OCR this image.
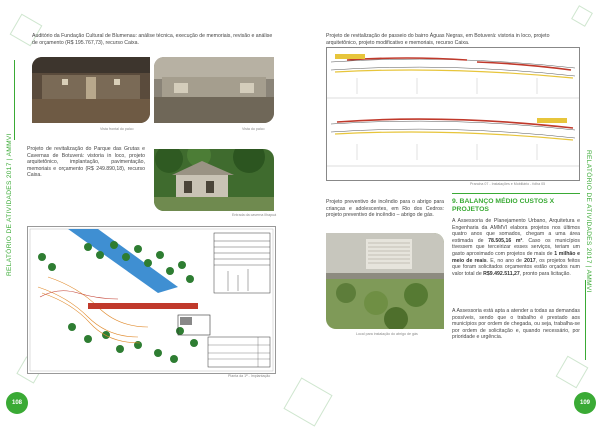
RELATÓRIO DE ATIVIDADES 2017 | AMMVI
Auditório da Fundação Cultural de Blumenau: análise técnica, execução de memoriais, revisão e análise de orçamento (R$ 195.767,73), recurso Caixa.
Vista frontal do palco	Vista do palco
Projeto de revitalização do Parque das Grutas e Cavernas de Botuverá: vistoria in loco, projeto arquitetônico, implantação, pavimentação, memoriais e orçamento (R$ 249.890,18), recurso Caixa.
Entrada da caverna Ilhapuá
Planta da 1ª - Implantação
108
RELATÓRIO DE ATIVIDADES 2017 | AMMVI
Projeto de revitalização de passeio do bairro Águas Negras, em Botuverá: vistoria in loco, projeto arquitetônico, projeto modificativo e memoriais, recurso Caixa.
Prancha 07 - Instalações e Mobiliário - folha 05
Projeto preventivo de incêndio para o abrigo para crianças e adolescentes, em Rio dos Cedros: projeto preventivo de incêndio – abrigo de gás.
Local para instalação do abrigo de gás
9. BALANÇO MÉDIO CUSTOS X PROJETOS
A Assessoria de Planejamento Urbano, Arquitetura e Engenharia da AMMVI elabora projetos nos últimos quatro anos que somados, chegam a uma área estimada de 78.505,16 m². Caso os municípios tivessem que terceirizar esses serviços, teriam um gasto aproximado com projetos de mais de 1 milhão e meio de reais. E, no ano de 2017, os projetos feitos que foram solicitados orçamentos estão orçados num valor total de R$9.492.511,27, pronto para licitação.
A Assessoria está apta a atender a todas as demandas possíveis, sendo que o trabalho é prestado aos municípios por ordem de chegada, ou seja, trabalha-se por ordem de solicitação e, quando necessário, por prioridade e urgência.
109
